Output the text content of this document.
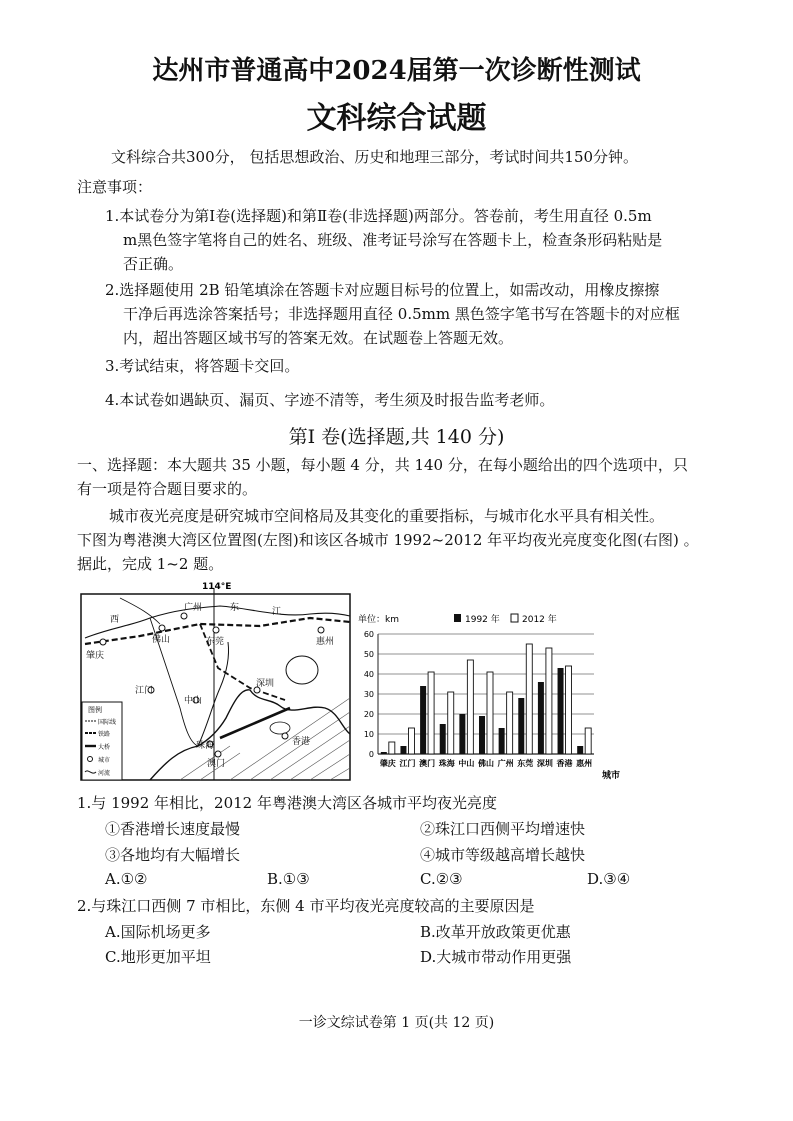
达州市普通高中2024届第一次诊断性测试
文科综合试题
文科综合共300分， 包括思想政治、历史和地理三部分，考试时间共150分钟。
注意事项：
1.本试卷分为第Ⅰ卷(选择题)和第Ⅱ卷(非选择题)两部分。答卷前，考生用直径 0.5m
m黑色签字笔将自己的姓名、班级、准考证号涂写在答题卡上，检查条形码粘贴是
否正确。
2.选择题使用 2B 铅笔填涂在答题卡对应题目标号的位置上，如需改动，用橡皮擦擦
干净后再选涂答案括号；非选择题用直径 0.5mm 黑色签字笔书写在答题卡的对应框
内，超出答题区域书写的答案无效。在试题卷上答题无效。
3.考试结束，将答题卡交回。
4.本试卷如遇缺页、漏页、字迹不清等，考生须及时报告监考老师。
第Ⅰ 卷(选择题,共 140 分)
一、选择题：本大题共 35 小题，每小题 4 分，共 140 分，在每小题给出的四个选项中，只
有一项是符合题目要求的。
城市夜光亮度是研究城市空间格局及其变化的重要指标，与城市化水平具有相关性。
下图为粤港澳大湾区位置图(左图)和该区各城市 1992~2012 年平均夜光亮度变化图(右图) 。
据此，完成 1~2 题。
114°E
西
肇庆
佛山
广州	东	江
东莞	惠州
江门
中山
深圳
珠海
澳门
香港
图例
国际线
铁路
大桥
城市
河流
单位：km	1992 年 2012 年
0
10
20
30
40
50
60
肇庆 江门 澳门 珠海 中山 佛山 广州 东莞 深圳 香港 惠州
城市
1.与 1992 年相比，2012 年粤港澳大湾区各城市平均夜光亮度
①香港增长速度最慢	②珠江口西侧平均增速快
③各地均有大幅增长	④城市等级越高增长越快
A.①②	B.①③	C.②③	D.③④
2.与珠江口西侧 7 市相比，东侧 4 市平均夜光亮度较高的主要原因是
A.国际机场更多	B.改革开放政策更优惠
C.地形更加平坦	D.大城市带动作用更强
一诊文综试卷第 1 页(共 12 页)
